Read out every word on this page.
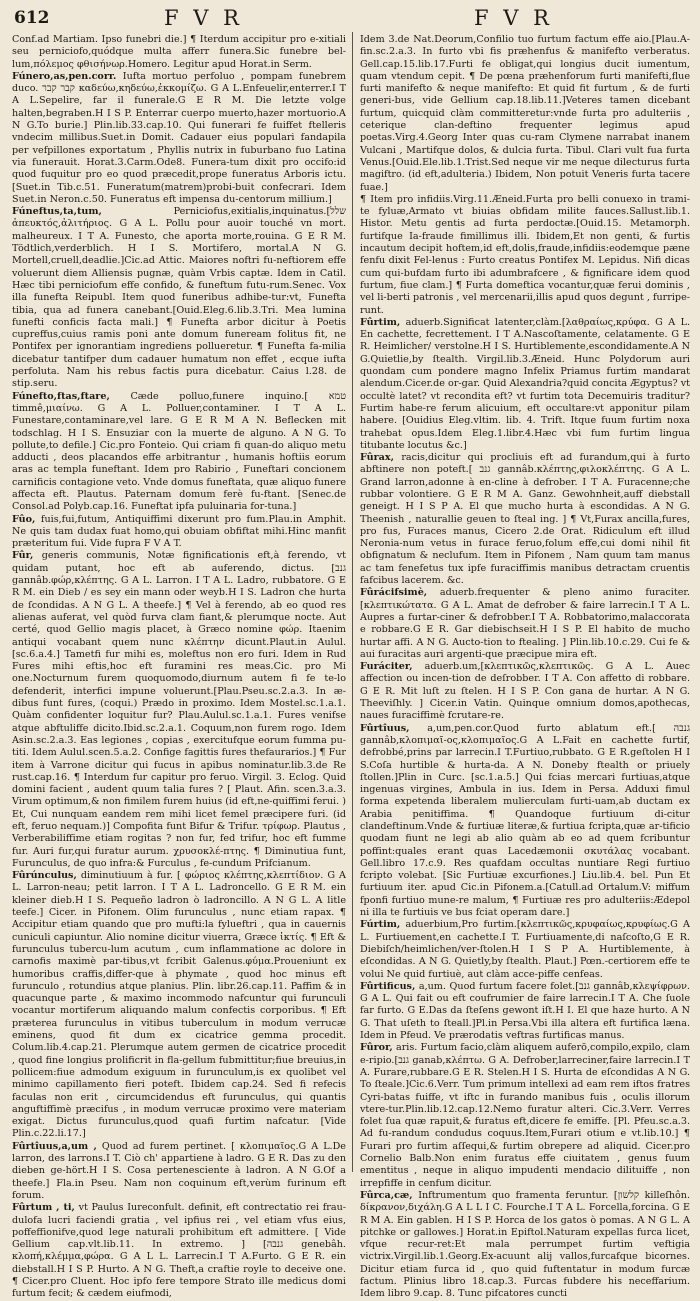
612	F V R	F V R

Conf.ad Martiam. Ipso funebri die.] ¶ Iterdum accipitur pro e-xitiali seu perniciofo,quódque multa afferr funera.Sic funebre bel-lum,πόλεμος φθισήνωρ.Homero. Legitur apud Horat.in Serm.

Fúnero,as,pen.corr. Iufta mortuo perfoluo , pompam funebrem duco. קבר קבר καδεύω,κηδεύω,ἐκκομίζω. G A L.Enfeuelir,enterrer.I T A L.Sepelire, far il funerale.G E R M. Die letzte volge halten,begraben.H I S P. Enterrar cuerpo muerto,hazer mortuorio.A N G.To burie.] Plin.lib.33.cap.10. Qui funerari fe fuiffet ftelleris vndecim millibus.Suet.in Domit. Cadauer eius populari fandapila per vefpillones exportatum , Phyllis nutrix in fuburbano fuo Latina via funerauit. Horat.3.Carm.Ode8. Funera-tum dixit pro occifo:id quod fuquitur pro eo quod præcedit,prope funeratus Arboris ictu. [Suet.in Tib.c.51. Funeratum(matrem)probi-buit confecrari. Idem Suet.in Neron.c.50. Funeratus eft impensa du-centorum millium.]

Fúneftus,ta,tum,	Perniciofus,exitialis,inquinatus.[שלל ἀπευκτός,ἀλιτήριος. G A L. Pollu pour auoir touché vn mort. malheureux. I T A. Funesto, che aporta morte,rouina. G E R M. Tödtlich,verderblich. H I S. Mortifero, mortal.A N G. Mortell,cruell,deadlie.]Cic.ad Attic. Maiores noftri fu-neftiorem effe voluerunt diem Alliensis pugnæ, quàm Vrbis captæ. Idem in Catil. Hæc tibi perniciofum effe confido, & funeftum futu-rum.Senec. Vox illa funefta Reipubl. Item quod funeribus adhibe-tur:vt, Funefta tibia, qua ad funera canebant.[Ouid.Eleg.6.lib.3.Tri. Mea lumina funefti conficis facta mali.] ¶ Funefta arbor dicitur à Poetis cupreffus,cuius ramis poni ante domum funeream folitus fit, ne Pontifex per ignorantiam ingrediens pollueretur. ¶ Funefta fa-milia dicebatur tantifper dum cadauer humatum non effet , ecque iufta perfoluta. Nam his rebus factis pura dicebatur. Caius l.28. de stip.seru.

Fúnefto,ftas,ftare, Cæde polluo,funere inquino.[ טמא timmê,μιαίνω. G A L. Polluer,contaminer. I T A L. Funestare,contaminare,vel lare. G E R M A N. Beflecken mit todschlag. H I S. Ensuziar con la muerte de alguno. A N G. To pollute,to defile.] Cic.pro Fonteio. Qui criam fi quan-do aliquo metu adducti , deos placandos effe arbitrantur , humanis hoftiis eorum aras ac templa funeftant. Idem pro Rabirio , Funeftari concionem carnificis contagione veto. Vnde domus funeftata, quæ aliquo funere affecta eft. Plautus. Paternam domum ferè fu-ftant. [Senec.de Consol.ad Polyb.cap.16. Funeftat ipfa puluinaria for-tuna.]

Fûo, fuis,fui,futum, Antiquiffimi dixerunt pro fum.Plau.in Amphit. Ne quis tam dudax fuat homo,qui obuiam obfiftat mihi.Hinc manfit præteritum fui. Vide fupra F V A T.

Fûr, generis communis, Notæ fignificationis eft,à ferendo, vt quidam putant, hoc eft ab auferendo, dictus. [גנב gannâb.φώρ,κλέπτης. G A L. Larron. I T A L. Ladro, rubbatore. G E R M. ein Dieb / es sey ein mann oder weyb.H I S. Ladron che hurta de ſcondidas. A N G L. A theefe.] ¶ Vel à ferendo, ab eo quod res alienas auferat, vel quòd furva clam fiant,& plerumque nocte. Aut certé, quod Gellio magis placet, à Græco nomine φώρ. Itaenim antiqui vocabant quem nunc κλέπτην dicunt.Plaut.in Aulul.[sc.6.a.4.] Tametfi fur mihi es, moleftus non ero furi. Idem in Rud Fures mihi eftis,hoc eft furamini res meas.Cic. pro Mi one.Nocturnum furem quoquomodo,diurnum autem fi fe te-lo defenderit, interfici impune voluerunt.[Plau.Pseu.sc.2.a.3. In æ-dibus funt fures, (coqui.) Prædo in proximo. Idem Mostel.sc.1.a.1. Quàm confidenter loquitur fur? Plau.Aulul.sc.1.a.1. Fures venifse atque abftuliffe dicito.Ibid.sc.2.a.1. Coquum,non furem rogo. Idem Asin.sc.2.a.3. Eas legiones , copias , exercitufque eorum fumma pu-titi. Idem Aulul.scen.5.a.2. Confige fagittis fures thefaurarios.] ¶ Fur item à Varrone dicitur qui fucus in apibus nominatur.lib.3.de Re rust.cap.16. ¶ Interdum fur capitur pro feruo. Virgil. 3. Eclog. Quid domini facient , audent quum talia fures ? [ Plaut. Afin. scen.3.a.3. Virum optimum,& non fimilem furem huius (id eft,ne-quiffimi ferui. ) Et, Cui nunquam eandem rem mihi licet femel præcipere furi. (id eft, feruo nequam.)] Compofita funt Bifur & Trifur. τρίφωρ. Plautus , Verberabiliffime etiam rogitas ? non fur, fed trifur, hoc eft fumme fur. Auri fur,qui furatur aurum. χρυσοκλέ-πτης. ¶ Diminutiua funt, Furunculus, de quo infra:& Furculus , fe-cundum Prifcianum.

Fûrúnculus, diminutiuum à fur. [ φώριος κλέπτης,κλεπτίδιον. G A L. Larron-neau; petit larron. I T A L. Ladroncello. G E R M. ein kleiner dieb.H I S. Pequeño ladron ò ladroncillo. A N G L. A litle teefe.] Cicer. in Pifonem. Olim furunculus , nunc etiam rapax. ¶ Accipitur etiam quando que pro mufti:la fylueftri , qua in cauernis cuniculi capiuntur. Alio nomine dicitur viuerra, Græce ἰκτίς. ¶ Eft & furunculus tubercu-lum acutum , cum inflammatione ac dolore in carnofis maximè par-tibus,vt fcribit Galenus.φύμα.Proueniunt ex humoribus craffis,differ-que à phymate , quod hoc minus eft furunculo , rotundius atque planius. Plin. libr.26.cap.11. Paffim & in quacunque parte , & maximo incommodo nafcuntur qui furunculi vocantur mortiferum aliquando malum confectis corporibus. ¶ Eft præterea furunculus in vitibus tuberculum in modum verrucæ eminens, quod fit dum ex cicatrice gemma procedit. Colum.lib.4.cap.21. Plerumque autem germen de cicatrice procedit , quod fine longius prolificrit in fla-gellum fubmittitur;fiue breuius,in pollicem:fiue admodum exiguum in furunculum,is ex quolibet vel minimo capillamento fieri poteft. Ibidem cap.24. Sed fi refecis faculas non erit , circumcidendus eft furunculus, qui quantis anguftiffimè præcifus , in modum verrucæ proximo vere materiam exigat. Dictus furunculus,quod quafi furtim nafcatur. [Vide Plin.c.22.li.17.]

Fûrtîuus,a,um , Quod ad furem pertinet. [ κλοπιμαῖος.G A L.De larron, des larrons.I T. Ciò ch' appartiene à ladro. G E R. Das zu den dieben ge-hört.H I S. Cosa pertenesciente à ladron. A N G.Of a theefe.] Fla.in Pseu. Nam non coquinum eft,verùm furinum eft forum.

Fûrtum , ti, vt Paulus Iureconfult. definit, eft contrectatio rei frau-dulofa lucri faciendi gratia , vel ipfius rei , vel etiam vfus eius, poffeffionifve,quod lege naturali prohibitum eft admittere. [ Vide Gellium cap.vlt.lib.11. In extremo. ] [גנבה genebâh. κλοπή,κλέμμα,φώρα. G A L L. Larrecin.I T A.Furto. G E R. ein diebstall.H I S P. Hurto. A N G. Theft,a craftie royle to deceive one. ¶ Cicer.pro Cluent. Hoc ipfo fere tempore Strato ille medicus domi furtum fecit; & cædem eiufmodi,

Idem 3.de Nat.Deorum,Confilio tuo furtum factum effe aio.[Plau.A-fin.sc.2.a.3. In furto vbi fis præhenfus & manifefto verberatus. Gell.cap.15.lib.17.Furti fe obligat,qui longius ducit iumentum, quam vtendum cepit. ¶ De pœna præhenforum furti manifefti,flue furti manifefto & neque manifefto: Et quid fit furtum , & de furti generi-bus, vide Gellium cap.18.lib.11.]Veteres tamen dicebant furtum, quicquid clàm committeretur:vnde furta pro adulteriis , ceterique clan-deftino frequenter legimus apud poetas.Virg.4.Georg Inter quas cu-ram Clymene narrabat inanem Vulcani , Martifque dolos, & dulcia furta. Tibul. Clari vult fua furta Venus.[Ouid.Ele.lib.1.Trist.Sed neque vir me neque dilecturus furta magiftro. (id eft,adulteria.) Ibidem, Non potuit Veneris furta tacere fuae.]

¶ Item pro infidiis.Virg.11.Æneid.Furta pro belli conuexo in trami-te fyluæ,Armato vt biuias obfidam milite fauces.Sallust.lib.1. Histor. Metu gentis ad furta perdoctæ.[Ouid.15. Metamorph. furtifque Ia-fraude fimillimus illi. Ibidem,Et non genti, & furtis incautum decipit hoftem,id eft,dolis,fraude,infidiis:eodemque pæne fenfu dixit Fel-lenus : Furto creatus Pontifex M. Lepidus. Nifi dicas cum qui-bufdam furto ibi adumbrafcere , & fignificare idem quod furtum, fiue clam.] ¶ Furta domeftica vocantur,quæ ferui dominis , vel li-berti patronis , vel mercenarii,illis apud quos degunt , furripe-runt.

Fûrtim, aduerb.Significat latenter,clàm.[λαθραίως,κρύφα. G A L. En cachette, fecrettement. I T A.Nascoſtamente, celatamente. G E R. Heimlicher/ verstolne.H I S. Hurtiblemente,escondidamente.A N G.Quietlie,by ſtealth. Virgil.lib.3.Æneid. Hunc Polydorum auri quondam cum pondere magno Infelix Priamus furtim mandarat alendum.Cicer.de or-gar. Quid Alexandria?quid concita Ægyptus? vt occultè latet? vt recondita eft? vt furtim tota Decemuiris traditur? Furtim habe-re ferum alicuium, eft occultare:vt apponitur pilam habere. [Ouidius Eleg.vltim. lib. 4. Trift. Itque fuum furtim noxa trahebat opus.Idem Eleg.1.libr.4.Hæc vbi fum furtim lingua titubante locutus &c.]

Fûrax, racis,dicitur qui procliuis eft ad furandum,qui à furto abftinere non poteft.[ גנב gannâb.κλέπτης,φιλοκλέπτης. G A L. Grand larron,adonne à en-cline à defrober. I T A. Furacenne;che rubbar volontiere. G E R M A. Ganz. Gewohnheit,auff diebstall geneigt. H I S P A. El que mucho hurta à escondidas. A N G. Theenish , naturallie geuen to ſteal ing. ] ¶ Vt,Furax ancilla,fures, pro fus, Furaces manus, Cicero 2.de Orat. Ridiculum eft illud Neronia-num vetus in furace feruo,folum effe,cui domi nihil fit obfignatum & neclufum. Item in Pifonem , Nam quum tam manus ac tam fenefetus tux ipfe furaciffimis manibus detractam cruentis fafcibus lacerem. &c.

Fûrácifsimè, aduerb.frequenter & pleno animo furaciter.[κλεπτικώτατα. G A L. Amat de defrober & faire larrecin.I T A L. Aupres a furtar-ciner & defrobber.I T A. Robbatorimo,malaccorata e robbare.G E R. Gar diebischseit.H I S P. El habito de mucho hurtar affi. A N G. Aucto-tion to ftealing. ] Plin.lib.10.c.29. Cui fe & aui furacitas auri argenti-que præcipue mira eft.

Furáciter, aduerb.um,[κλεπτικῶς,κλεπτικῶς. G A L. Auec affection ou incen-tion de deſrobber. I T A. Con affetto di robbare. G E R. Mit luſt zu ſtelen. H I S P. Con gana de hurtar. A N G. Theeviſhly. ] Cicer.in Vatin. Quinque omnium domos,apothecas, naues furaciffimè fcrutare-re.

Fûrtîuus, a,um,pen.cor.Quod furto ablatum eft.[ גנבה gannâb,κλοπιμαῖ-ος,κλοπιμαῖος.G A L.Fait en cachette furtif, defrobbé,prins par larrecin.I T.Furtiuo,rubbato. G E R.geſtolen H I S.Coſa hurtible & hurta-da. A N. Doneby ftealth or priuely ſtollen.]Plin in Curc. [sc.1.a.5.] Qui fcias mercari furtiuas,atque ingenuas virgines, Ambula in ius. Idem in Persa. Adduxi fimul forma expetenda liberalem mulierculam furti-uam,ab ductam ex Arabia penitiffima. ¶ Quandoque furtiuum di-citur clandeftinum.Vnde & furtiuæ literæ,& furtiua fcripta,quæ ar-tificio quodam fiunt ne legi ab alio quàm ab eo ad quem fcribuntur poffint:quales erant quas Lacedæmonii σκυτάλας vocabant. Gell.libro 17.c.9. Res quafdam occultas nuntiare Regi furtiuo fcripto volebat. [Sic Furtiuæ excurfiones.] Liu.lib.4. bel. Pun Et furtiuum iter. apud Cic.in Pifonem.a.[Catull.ad Ortalum.V: miffum fponfi furtiuo mune-re malum, ¶ Furtiuæ res pro adulteriis:Ædepol ni illa te furtiuis ve bus fciat operam dare.]

Fúrtim, aduerbium,Pro furtim.[κλεπτικῶς,κρυφαίως,κρυφίως.G A L. Furtiuement,en cachette.I T. Furtiuamente,di naſcoſto,G E R. Diebiſch/heimlichen/ver-ſtolen.H I S P A. Hurtiblemente, à eſcondidas. A N G. Quietly,by ſtealth. Plaut.] Pœn.-certiorem effe te volui Ne quid furtiuè, aut clàm acce-piffe cenfeas.

Fûrtificus, a,um. Quod furtum facere folet.[גנב gannâb,κλεψίφρων. G A L. Qui fait ou eft coufrumier de faire larrecin.I T A. Che ſuole far furto. G E.Das da ſteſens gewont iſt.H I. El que haze hurto. A N G. That uſeth to ſteall.]Pl.in Persa.Vbi illa altera eft furtifica læna. Idem in Pfeud. Ve prærodatis veftras furtificas manus.

Fûror, aris. Furtum facio,clàm aliquem auferō,compilo,expilo, clam e-ripio.[גנב ganab,κλέπτω. G A. Defrober,larreciner,faire larrecin.I T A. Furare,rubbare.G E R. Stelen.H I S. Hurta de eſcondidas A N G. To ſteale.]Cic.6.Verr. Tum primum intellexi ad eam rem iftos fratres Cyri-batas fuiffe, vt iftc in furando manibus fuis , oculis illorum vtere-tur.Plin.lib.12.cap.12.Nemo furatur alteri. Cic.3.Verr. Verres folet ſua quæ rapuit,& furatus eft,dicere fe emiffe. [Pl. Pfeu.sc.a.3. Ad fu-randum condudus coquus.Item,Furari otium e vt.lib.10.] ¶ Furari pro furtim aſſequi,& furtim obrepere ad aliquid. Cicer.pro Cornelio Balb.Non enim furatus effe ciuitatem , genus fuum ementitus , neque in aliquo impudenti mendacio dilituiffe , non irrepfiffe in cenfum dicitur.

Fûrca,cæ, Inftrumentum quo framenta feruntur. [קלשון killeſhôn. δίκρανον,διχάλη.G A L L I C. Fourche.I T A L. Forcella,forcina. G E R M A. Ein gablen. H I S P. Horca de los gatos ò pomas. A N G L. A pitchke or gallowes.] Horat.in Epiftol.Naturam expellas furca licet, vfque recur-ret:Et mala perrumpet furtim veftigia victrix.Virgil.lib.1.Georg.Ex-acuunt alij vallos,furcafque bicornes. Dicitur etiam furca id , quo quid fuftentatur in modum furcæ factum. Plinius libro 18.cap.3. Furcas fubdere his neceffarium. Idem libro 9.cap. 8. Tunc pifcatores cuncti
